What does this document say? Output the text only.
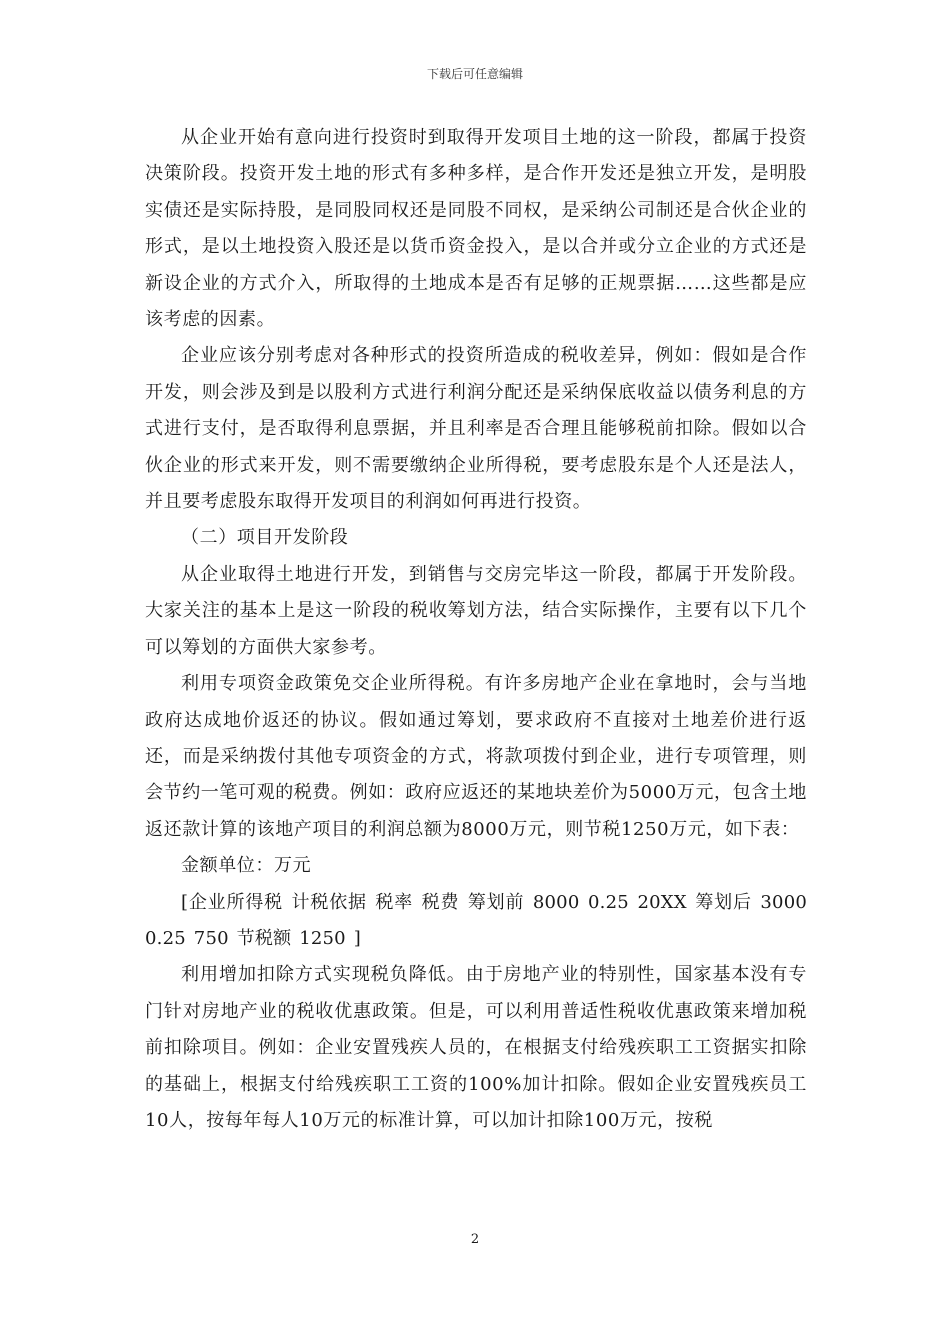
下载后可任意编辑

从企业开始有意向进行投资时到取得开发项目土地的这一阶段，都属于投资决策阶段。投资开发土地的形式有多种多样，是合作开发还是独立开发，是明股实债还是实际持股，是同股同权还是同股不同权，是采纳公司制还是合伙企业的形式，是以土地投资入股还是以货币资金投入，是以合并或分立企业的方式还是新设企业的方式介入，所取得的土地成本是否有足够的正规票据……这些都是应该考虑的因素。

企业应该分别考虑对各种形式的投资所造成的税收差异，例如：假如是合作开发，则会涉及到是以股利方式进行利润分配还是采纳保底收益以债务利息的方式进行支付，是否取得利息票据，并且利率是否合理且能够税前扣除。假如以合伙企业的形式来开发，则不需要缴纳企业所得税，要考虑股东是个人还是法人，并且要考虑股东取得开发项目的利润如何再进行投资。

（二）项目开发阶段

从企业取得土地进行开发，到销售与交房完毕这一阶段，都属于开发阶段。大家关注的基本上是这一阶段的税收筹划方法，结合实际操作，主要有以下几个可以筹划的方面供大家参考。

利用专项资金政策免交企业所得税。有许多房地产企业在拿地时，会与当地政府达成地价返还的协议。假如通过筹划，要求政府不直接对土地差价进行返还，而是采纳拨付其他专项资金的方式，将款项拨付到企业，进行专项管理，则会节约一笔可观的税费。例如：政府应返还的某地块差价为5000万元，包含土地返还款计算的该地产项目的利润总额为8000万元，则节税1250万元，如下表：

金额单位：万元

[企业所得税 计税依据 税率 税费 筹划前 8000 0.25 20XX 筹划后 3000 0.25 750 节税额 1250 ]

利用增加扣除方式实现税负降低。由于房地产业的特别性，国家基本没有专门针对房地产业的税收优惠政策。但是，可以利用普适性税收优惠政策来增加税前扣除项目。例如：企业安置残疾人员的，在根据支付给残疾职工工资据实扣除的基础上，根据支付给残疾职工工资的100%加计扣除。假如企业安置残疾员工10人，按每年每人10万元的标准计算，可以加计扣除100万元，按税

2
